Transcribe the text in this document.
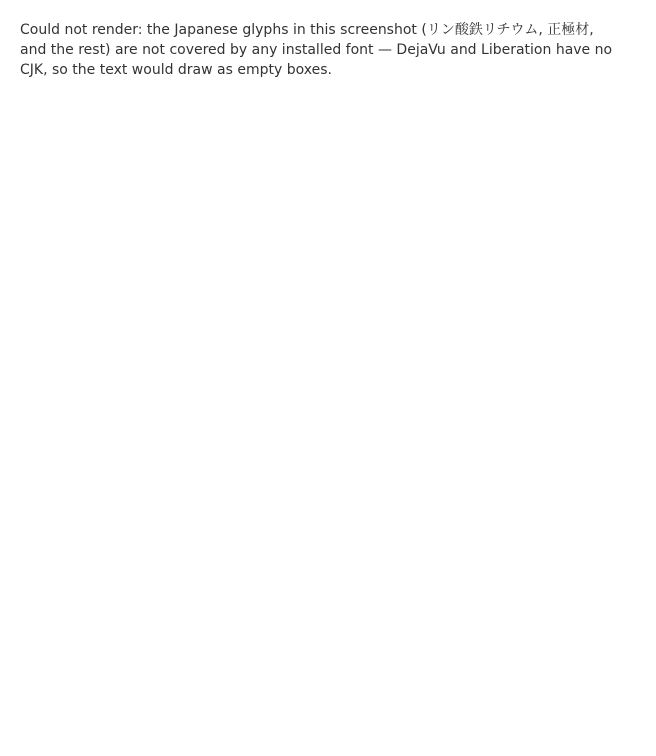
Could not render: the Japanese glyphs in this screenshot (リン酸鉄リチウム, 正極材, and the rest) are not covered by any installed font — DejaVu and Liberation have no CJK, so the text would draw as empty boxes.
